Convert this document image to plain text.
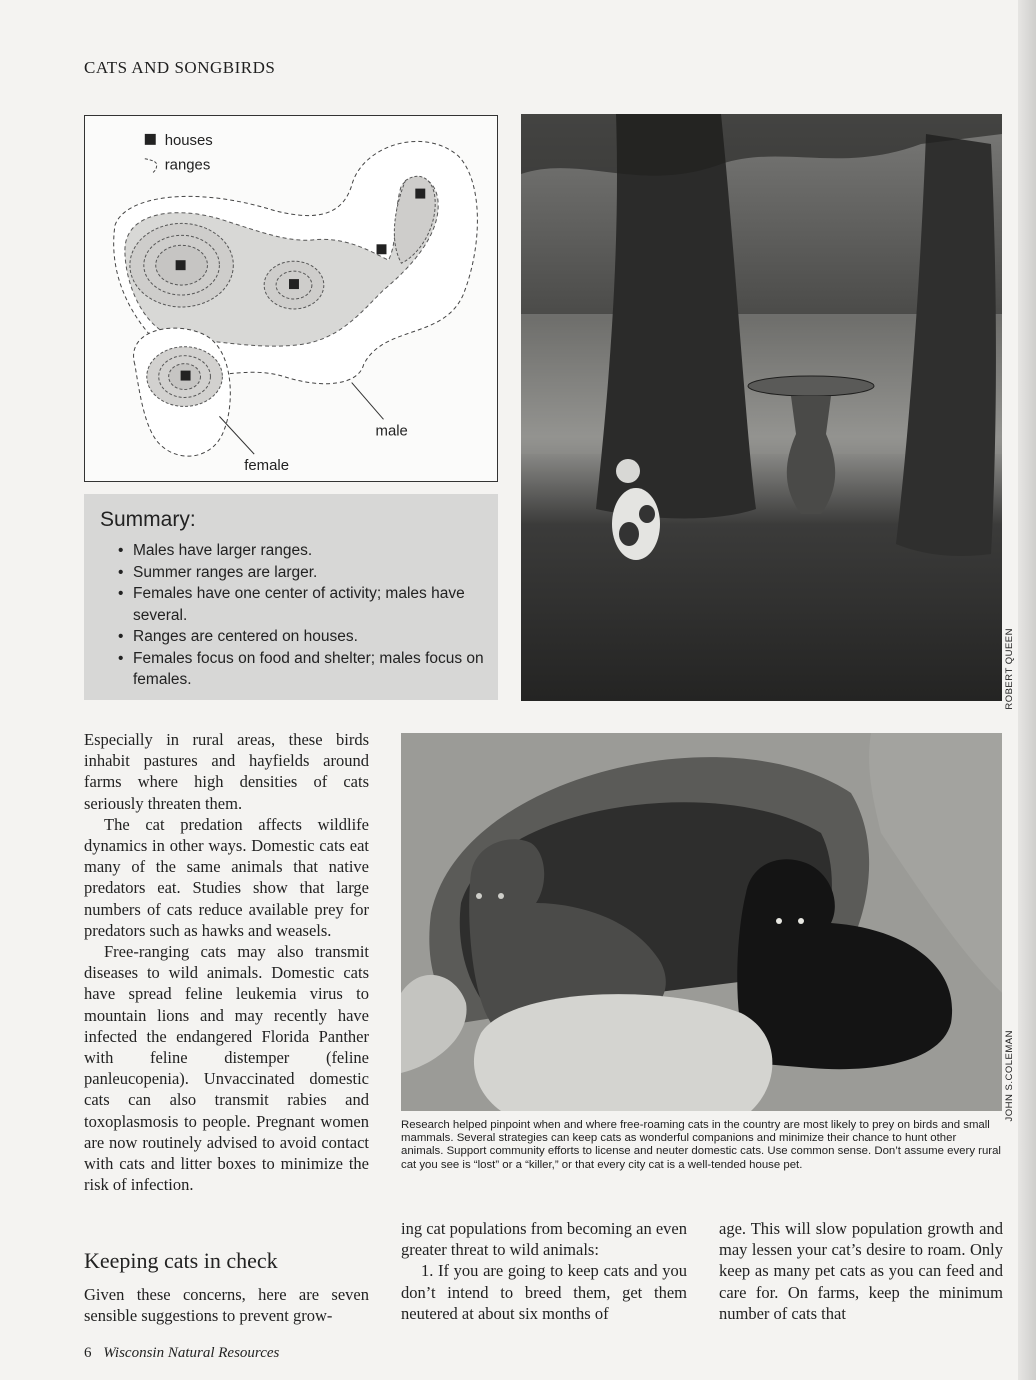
CATS AND SONGBIRDS
houses
ranges
male
female
Summary:
• Males have larger ranges.
• Summer ranges are larger.
• Females have one center of activity; males have several.
• Ranges are centered on houses.
• Females focus on food and shelter; males focus on females.	ROBERT QUEEN
JOHN S.COLEMAN
Research helped pinpoint when and where free-roaming cats in the country are most likely to prey on birds and small mammals. Several strategies can keep cats as wonderful companions and minimize their chance to hunt other animals. Support community efforts to license and neuter domestic cats. Use common sense. Don’t assume every rural cat you see is “lost” or a “killer,” or that every city cat is a well-tended house pet.

Especially in rural areas, these birds inhabit pastures and hayfields around farms where high densities of cats seriously threaten them.

The cat predation affects wildlife dynamics in other ways. Domestic cats eat many of the same animals that native predators eat. Studies show that large numbers of cats reduce available prey for predators such as hawks and weasels.

Free-ranging cats may also transmit diseases to wild animals. Domestic cats have spread feline leukemia virus to mountain lions and may recently have infected the endangered Florida Panther with feline distemper (feline panleucopenia). Unvaccinated domestic cats can also transmit rabies and toxoplasmosis to people. Pregnant women are now routinely advised to avoid contact with cats and litter boxes to minimize the risk of infection.

Keeping cats in check

Given these concerns, here are seven sensible suggestions to prevent grow-

ing cat populations from becoming an even greater threat to wild animals:

1. If you are going to keep cats and you don’t intend to breed them, get them neutered at about six months of

age. This will slow population growth and may lessen your cat’s desire to roam. Only keep as many pet cats as you can feed and care for. On farms, keep the minimum number of cats that

6 Wisconsin Natural Resources
